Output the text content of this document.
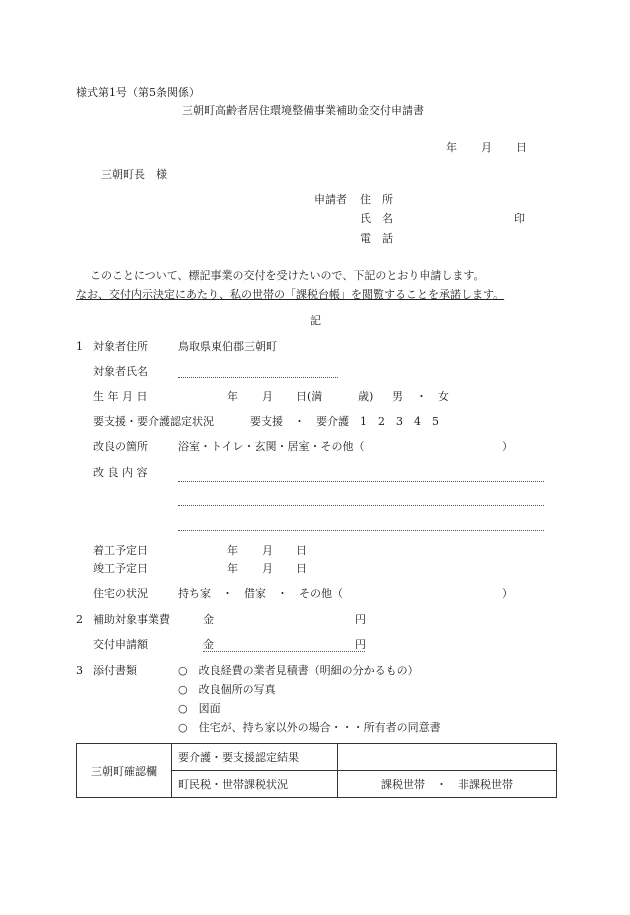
様式第1号（第5条関係）
三朝町高齢者居住環境整備事業補助金交付申請書
年 月 日
三朝町長　様
申請者 住　所
氏　名	印
電　話
このことについて、標記事業の交付を受けたいので、下記のとおり申請します。
なお、交付内示決定にあたり、私の世帯の「課税台帳」を閲覧することを承諾します。
記
1 対象者住所	鳥取県東伯郡三朝町
対象者氏名
生 年 月 日	年 月 日(満	歳) 男 ・ 女
要支援・要介護認定状況	要支援　・　要介護　1　2　3　4　5
改良の箇所	浴室・トイレ・玄関・居室・その他（	）
改 良 内 容
着工予定日	年 月 日
竣工予定日	年 月 日
住宅の状況	持ち家　・　借家　・　その他（	）
2 補助対象事業費	金	円
交付申請額	金	円
3 添付書類	○　改良経費の業者見積書（明細の分かるもの）
○　改良個所の写真
○　図面
○　住宅が、持ち家以外の場合・・・所有者の同意書
三朝町確認欄	要介護・要支援認定結果	
	町民税・世帯課税状況	課税世帯　・　非課税世帯
